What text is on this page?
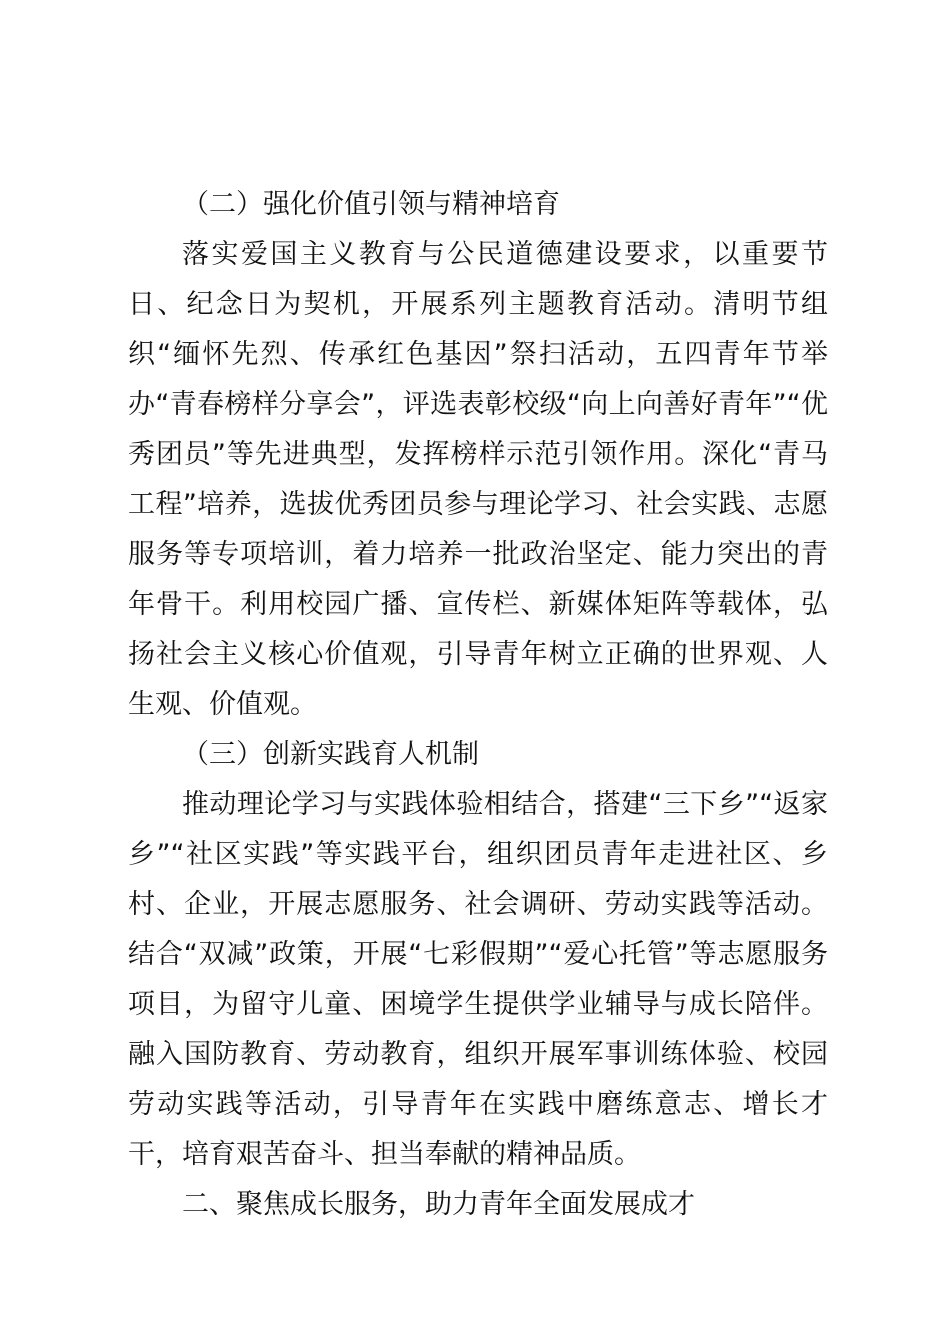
（二）强化价值引领与精神培育

落实爱国主义教育与公民道德建设要求，以重要节日、纪念日为契机，开展系列主题教育活动。清明节组织“缅怀先烈、传承红色基因”祭扫活动，五四青年节举办“青春榜样分享会”，评选表彰校级“向上向善好青年”“优秀团员”等先进典型，发挥榜样示范引领作用。深化“青马工程”培养，选拔优秀团员参与理论学习、社会实践、志愿服务等专项培训，着力培养一批政治坚定、能力突出的青年骨干。利用校园广播、宣传栏、新媒体矩阵等载体，弘扬社会主义核心价值观，引导青年树立正确的世界观、人生观、价值观。

（三）创新实践育人机制

推动理论学习与实践体验相结合，搭建“三下乡”“返家乡”“社区实践”等实践平台，组织团员青年走进社区、乡村、企业，开展志愿服务、社会调研、劳动实践等活动。结合“双减”政策，开展“七彩假期”“爱心托管”等志愿服务项目，为留守儿童、困境学生提供学业辅导与成长陪伴。融入国防教育、劳动教育，组织开展军事训练体验、校园劳动实践等活动，引导青年在实践中磨练意志、增长才干，培育艰苦奋斗、担当奉献的精神品质。

二、聚焦成长服务，助力青年全面发展成才
